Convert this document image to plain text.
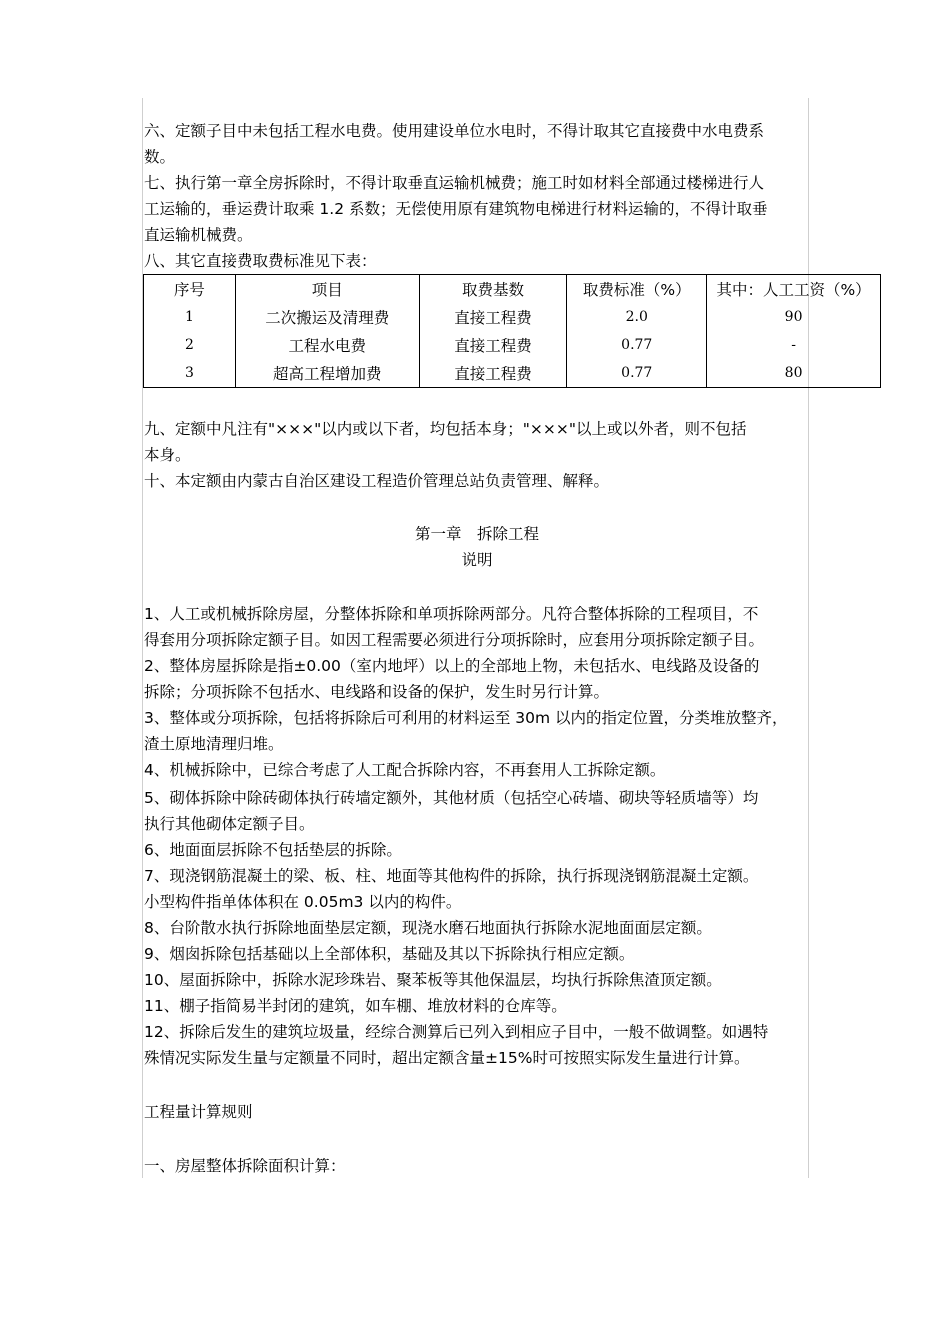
六、定额子目中未包括工程水电费。使用建设单位水电时，不得计取其它直接费中水电费系
数。
七、执行第一章全房拆除时，不得计取垂直运输机械费；施工时如材料全部通过楼梯进行人
工运输的，垂运费计取乘 1.2 系数；无偿使用原有建筑物电梯进行材料运输的，不得计取垂
直运输机械费。
八、其它直接费取费标准见下表：
序号	项目	取费基数	取费标准（%）	其中：人工工资（%）
1	二次搬运及清理费	直接工程费	2.0	90
2	工程水电费	直接工程费	0.77	-
3	超高工程增加费	直接工程费	0.77	80
九、定额中凡注有"×××"以内或以下者，均包括本身；"×××"以上或以外者，则不包括
本身。
十、本定额由内蒙古自治区建设工程造价管理总站负责管理、解释。
第一章　拆除工程
说明
1、人工或机械拆除房屋，分整体拆除和单项拆除两部分。凡符合整体拆除的工程项目，不
得套用分项拆除定额子目。如因工程需要必须进行分项拆除时，应套用分项拆除定额子目。
2、整体房屋拆除是指±0.00（室内地坪）以上的全部地上物，未包括水、电线路及设备的
拆除；分项拆除不包括水、电线路和设备的保护，发生时另行计算。
3、整体或分项拆除，包括将拆除后可利用的材料运至 30m 以内的指定位置，分类堆放整齐，
渣土原地清理归堆。
4、机械拆除中，已综合考虑了人工配合拆除内容，不再套用人工拆除定额。
5、砌体拆除中除砖砌体执行砖墙定额外，其他材质（包括空心砖墙、砌块等轻质墙等）均
执行其他砌体定额子目。
6、地面面层拆除不包括垫层的拆除。
7、现浇钢筋混凝土的梁、板、柱、地面等其他构件的拆除，执行拆现浇钢筋混凝土定额。
小型构件指单体体积在 0.05m3 以内的构件。
8、台阶散水执行拆除地面垫层定额，现浇水磨石地面执行拆除水泥地面面层定额。
9、烟囱拆除包括基础以上全部体积，基础及其以下拆除执行相应定额。
10、屋面拆除中，拆除水泥珍珠岩、聚苯板等其他保温层，均执行拆除焦渣顶定额。
11、棚子指简易半封闭的建筑，如车棚、堆放材料的仓库等。
12、拆除后发生的建筑垃圾量，经综合测算后已列入到相应子目中，一般不做调整。如遇特
殊情况实际发生量与定额量不同时，超出定额含量±15%时可按照实际发生量进行计算。
工程量计算规则
一、房屋整体拆除面积计算：
